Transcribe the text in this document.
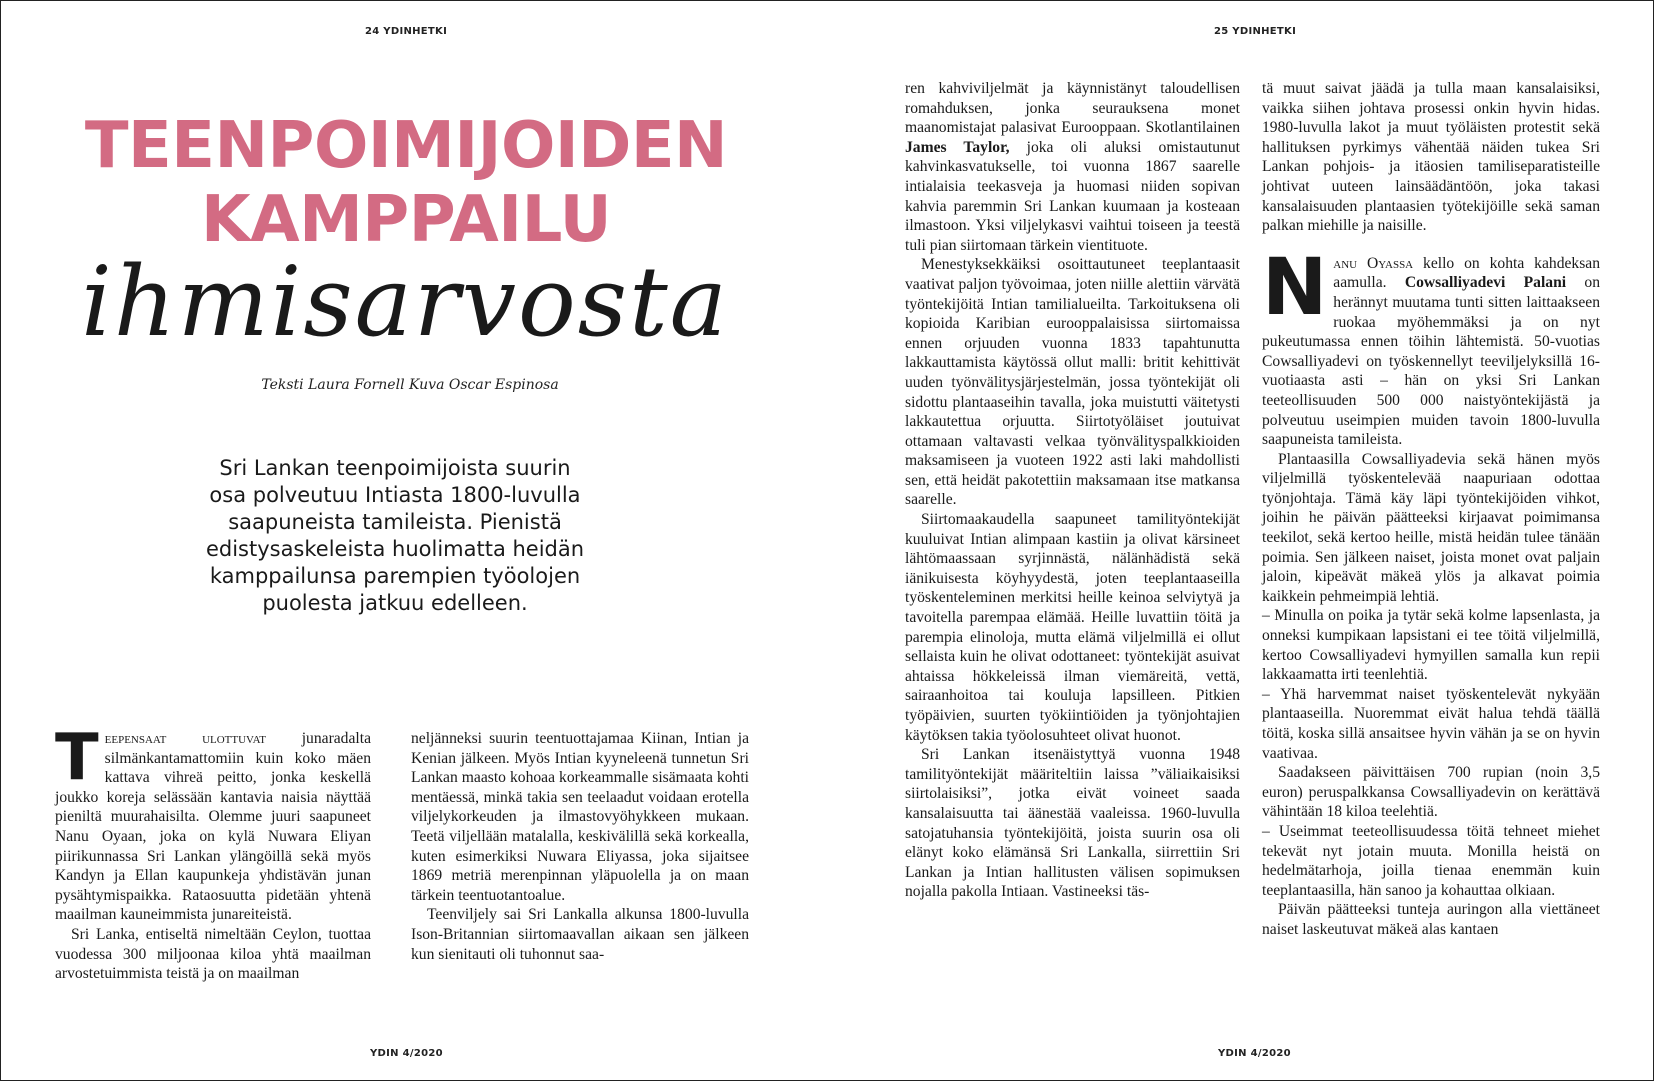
24 YDINHETKI	25 YDINHETKI
TEENPOIMIJOIDEN
KAMPPAILU
ihmisarvosta
Teksti Laura Fornell Kuva Oscar Espinosa
Sri Lankan teenpoimijoista suurin osa polveutuu Intiasta 1800-luvulla saapuneista tamileista. Pienistä edistysaskeleista huolimatta heidän kamppailunsa parempien työolojen puolesta jatkuu edelleen.

Teepensaat ulottuvat junaradalta silmänkantamattomiin kuin koko mäen kattava vihreä peitto, jonka keskellä joukko koreja selässään kantavia naisia näyttää pieniltä muurahaisilta. Olemme juuri saapuneet Nanu Oyaan, joka on kylä Nuwara Eliyan piirikunnassa Sri Lankan ylängöillä sekä myös Kandyn ja Ellan kaupunkeja yhdistävän junan pysähtymispaikka. Rataosuutta pidetään yhtenä maailman kauneimmista junareiteistä.

Sri Lanka, entiseltä nimeltään Ceylon, tuottaa vuodessa 300 miljoonaa kiloa yhtä maailman arvostetuimmista teistä ja on maailman

neljänneksi suurin teentuottajamaa Kiinan, Intian ja Kenian jälkeen. Myös Intian kyyneleenä tunnetun Sri Lankan maasto kohoaa korkeammalle sisämaata kohti mentäessä, minkä takia sen teelaadut voidaan erotella viljelykorkeuden ja ilmastovyöhykkeen mukaan. Teetä viljellään matalalla, keskivälillä sekä korkealla, kuten esimerkiksi Nuwara Eliyassa, joka sijaitsee 1869 metriä merenpinnan yläpuolella ja on maan tärkein teentuotantoalue.

Teenviljely sai Sri Lankalla alkunsa 1800-luvulla Ison-Britannian siirtomaavallan aikaan sen jälkeen kun sienitauti oli tuhonnut saa-

ren kahviviljelmät ja käynnistänyt taloudellisen romahduksen, jonka seurauksena monet maanomistajat palasivat Eurooppaan. Skotlantilainen James Taylor, joka oli aluksi omistautunut kahvinkasvatukselle, toi vuonna 1867 saarelle intialaisia teekasveja ja huomasi niiden sopivan kahvia paremmin Sri Lankan kuumaan ja kosteaan ilmastoon. Yksi viljelykasvi vaihtui toiseen ja teestä tuli pian siirtomaan tärkein vientituote.

Menestyksekkäiksi osoittautuneet teeplantaasit vaativat paljon työvoimaa, joten niille alettiin värvätä työntekijöitä Intian tamilialueilta. Tarkoituksena oli kopioida Karibian eurooppalaisissa siirtomaissa ennen orjuuden vuonna 1833 tapahtunutta lakkauttamista käytössä ollut malli: britit kehittivät uuden työnvälitysjärjestelmän, jossa työntekijät oli sidottu plantaaseihin tavalla, joka muistutti väitetysti lakkautettua orjuutta. Siirtotyöläiset joutuivat ottamaan valtavasti velkaa työnvälityspalkkioiden maksamiseen ja vuoteen 1922 asti laki mahdollisti sen, että heidät pakotettiin maksamaan itse matkansa saarelle.

Siirtomaakaudella saapuneet tamilityöntekijät kuuluivat Intian alimpaan kastiin ja olivat kärsineet lähtömaassaan syrjinnästä, nälänhädistä sekä iänikuisesta köyhyydestä, joten teeplantaaseilla työskenteleminen merkitsi heille keinoa selviytyä ja tavoitella parempaa elämää. Heille luvattiin töitä ja parempia elinoloja, mutta elämä viljelmillä ei ollut sellaista kuin he olivat odottaneet: työntekijät asuivat ahtaissa hökkeleissä ilman viemäreitä, vettä, sairaanhoitoa tai kouluja lapsilleen. Pitkien työpäivien, suurten työkiintiöiden ja työnjohtajien käytöksen takia työolosuhteet olivat huonot.

Sri Lankan itsenäistyttyä vuonna 1948 tamilityöntekijät määriteltiin laissa ”väliaikaisiksi siirtolaisiksi”, jotka eivät voineet saada kansalaisuutta tai äänestää vaaleissa. 1960-luvulla satojatuhansia työntekijöitä, joista suurin osa oli elänyt koko elämänsä Sri Lankalla, siirrettiin Sri Lankan ja Intian hallitusten välisen sopimuksen nojalla pakolla Intiaan. Vastineeksi täs-

tä muut saivat jäädä ja tulla maan kansalaisiksi, vaikka siihen johtava prosessi onkin hyvin hidas. 1980-luvulla lakot ja muut työläisten protestit sekä hallituksen pyrkimys vähentää näiden tukea Sri Lankan pohjois- ja itäosien tamiliseparatisteille johtivat uuteen lainsäädäntöön, joka takasi kansalaisuuden plantaasien työtekijöille sekä saman palkan miehille ja naisille.

Nanu Oyassa kello on kohta kahdeksan aamulla. Cowsalliyadevi Palani on herännyt muutama tunti sitten laittaakseen ruokaa myöhemmäksi ja on nyt pukeutumassa ennen töihin lähtemistä. 50-vuotias Cowsalliyadevi on työskennellyt teeviljelyksillä 16-vuotiaasta asti – hän on yksi Sri Lankan teeteollisuuden 500 000 naistyöntekijästä ja polveutuu useimpien muiden tavoin 1800-luvulla saapuneista tamileista.

Plantaasilla Cowsalliyadevia sekä hänen myös viljelmillä työskentelevää naapuriaan odottaa työnjohtaja. Tämä käy läpi työntekijöiden vihkot, joihin he päivän päätteeksi kirjaavat poimimansa teekilot, sekä kertoo heille, mistä heidän tulee tänään poimia. Sen jälkeen naiset, joista monet ovat paljain jaloin, kipeävät mäkeä ylös ja alkavat poimia kaikkein pehmeimpiä lehtiä.

– Minulla on poika ja tytär sekä kolme lapsenlasta, ja onneksi kumpikaan lapsistani ei tee töitä viljelmillä, kertoo Cowsalliyadevi hymyillen samalla kun repii lakkaamatta irti teenlehtiä.

– Yhä harvemmat naiset työskentelevät nykyään plantaaseilla. Nuoremmat eivät halua tehdä täällä töitä, koska sillä ansaitsee hyvin vähän ja se on hyvin vaativaa.

Saadakseen päivittäisen 700 rupian (noin 3,5 euron) peruspalkkansa Cowsalliyadevin on kerättävä vähintään 18 kiloa teelehtiä.

– Useimmat teeteollisuudessa töitä tehneet miehet tekevät nyt jotain muuta. Monilla heistä on hedelmätarhoja, joilla tienaa enemmän kuin teeplantaasilla, hän sanoo ja kohauttaa olkiaan.

Päivän päätteeksi tunteja auringon alla viettäneet naiset laskeutuvat mäkeä alas kantaen

YDIN 4/2020	YDIN 4/2020
